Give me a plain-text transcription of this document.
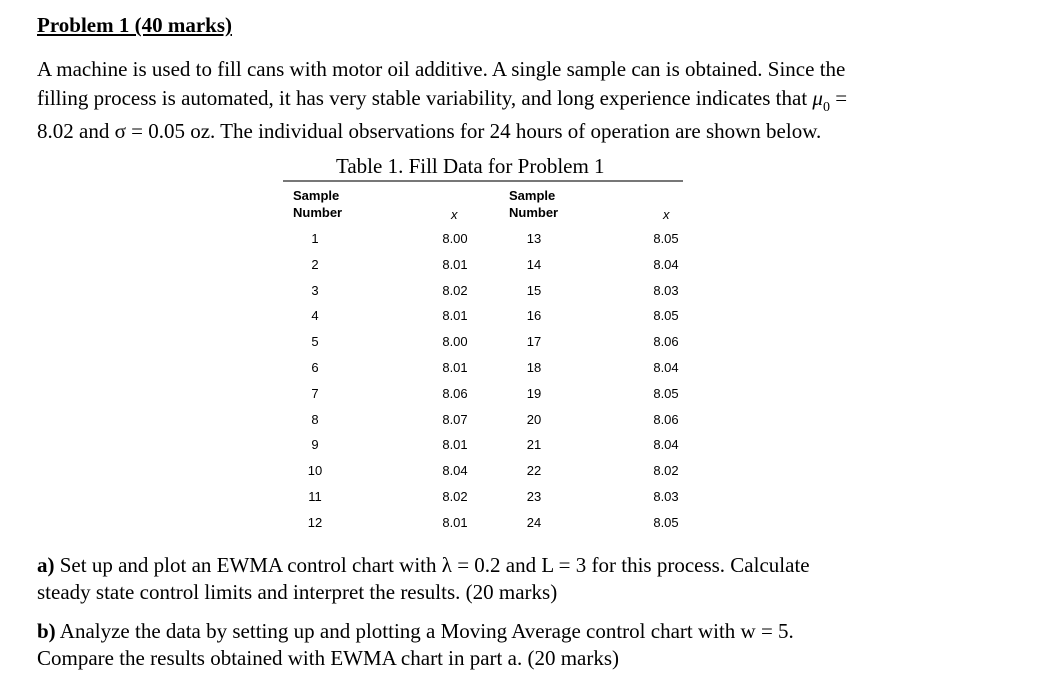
Problem 1 (40 marks)
A machine is used to fill cans with motor oil additive. A single sample can is obtained. Since the
filling process is automated, it has very stable variability, and long experience indicates that $\mu_0$ =
8.02 and σ = 0.05 oz. The individual observations for 24 hours of operation are shown below.
Table 1. Fill Data for Problem 1
Sample
Number	x
Sample
Number	x
1	8.00	13	8.05
2	8.01	14	8.04
3	8.02	15	8.03
4	8.01	16	8.05
5	8.00	17	8.06
6	8.01	18	8.04
7	8.06	19	8.05
8	8.07	20	8.06
9	8.01	21	8.04
10	8.04	22	8.02
11	8.02	23	8.03
12	8.01	24	8.05
a) Set up and plot an EWMA control chart with λ = 0.2 and L = 3 for this process. Calculate
steady state control limits and interpret the results. (20 marks)
b) Analyze the data by setting up and plotting a Moving Average control chart with w = 5.
Compare the results obtained with EWMA chart in part a. (20 marks)
